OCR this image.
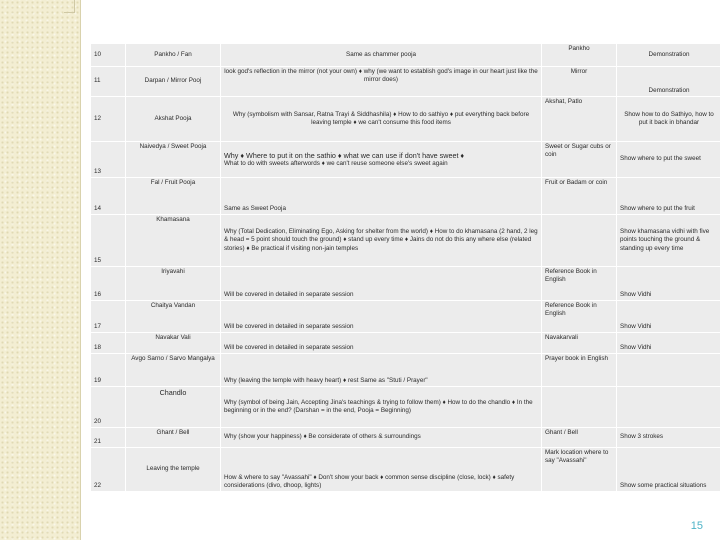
10	Pankho / Fan	Same as chammer pooja	Pankho	Demonstration
11	Darpan / Mirror Pooj	look god's reflection in the mirror (not your own) ♦ why (we want to establish god's image in our heart just like the mirror does)	Mirror	Demonstration
12	Akshat Pooja	Why (symbolism with Sansar, Ratna Trayi & Siddhashila) ♦ How to do sathiyo ♦ put everything back before leaving temple ♦ we can't consume this food items	Akshat, Patlo	Show how to do Sathiyo, how to put it back in bhandar
13	Naivedya / Sweet Pooja	Why ♦ Where to put it on the sathio ♦ what we can use if don't have sweet ♦
What to do with sweets afterwords ♦ we can't reuse someone else's sweet again	Sweet or Sugar cubs or coin	Show where to put the sweet
14	Fal / Fruit Pooja	Same as Sweet Pooja	Fruit or Badam or coin	Show where to put the fruit
15	Khamasana	Why (Total Dedication, Eliminating Ego, Asking for shelter from the world) ♦ How to do khamasana (2 hand, 2 leg & head = 5 point should touch the ground) ♦ stand up every time ♦ Jains do not do this any where else (related stories) ♦ Be practical if visiting non-jain temples		Show khamasana vidhi with five points touching the ground & standing up every time
16	Iriyavahi	Will be covered in detailed in separate session	Reference Book in English	Show Vidhi
17	Chaitya Vandan	Will be covered in detailed in separate session	Reference Book in English	Show Vidhi
18	Navakar Vali	Will be covered in detailed in separate session	Navakarvali	Show Vidhi
19	Avgo Sarno / Sarvo Mangalya	Why (leaving the temple with heavy heart) ♦ rest Same as "Stuti / Prayer"	Prayer book in English	
20	Chandlo	Why (symbol of being Jain, Accepting Jina's teachings & trying to follow them) ♦ How to do the chandlo ♦ In the beginning or in the end? (Darshan = in the end, Pooja = Beginning)		
21	Ghant / Bell	Why (show your happiness) ♦ Be considerate of others & surroundings	Ghant / Bell	Show 3 strokes
22	Leaving the temple	How & where to say "Avassahi" ♦ Don't show your back ♦ common sense discipline (close, lock) ♦ safety considerations (divo, dhoop, lights)	Mark location where to say "Avassahi"	Show some practical situations
15
